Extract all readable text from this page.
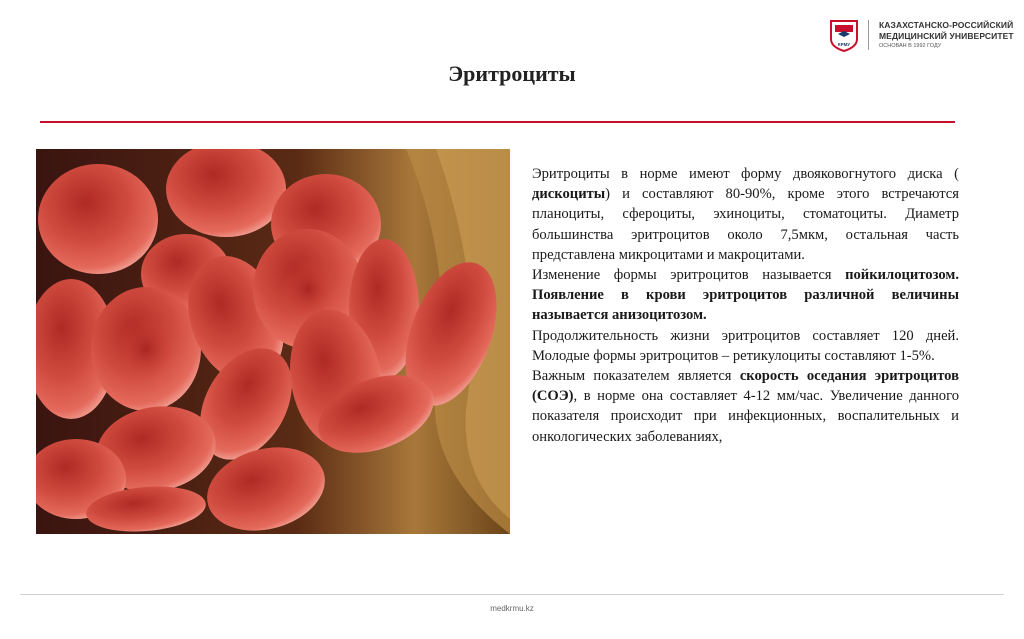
КРМУ
КАЗАХСТАНСКО-РОССИЙСКИЙ
МЕДИЦИНСКИЙ УНИВЕРСИТЕТ
ОСНОВАН В 1992 ГОДУ
Эритроциты

Эритроциты в норме имеют форму двояковогнутого диска ( дискоциты) и составляют 80-90%, кроме этого встречаются планоциты, сфероциты, эхиноциты, стоматоциты. Диаметр большинства эритроцитов около 7,5мкм, остальная часть представлена микроцитами и макроцитами.

Изменение формы эритроцитов называется пойкилоцитозом. Появление в крови эритроцитов различной величины называется анизоцитозом.

Продолжительность жизни эритроцитов составляет 120 дней. Молодые формы эритроцитов – ретикулоциты составляют 1-5%.

Важным показателем является скорость оседания эритроцитов (СОЭ), в норме она составляет 4-12 мм/час. Увеличение данного показателя происходит при инфекционных, воспалительных и онкологических заболеваниях,

medkrmu.kz
